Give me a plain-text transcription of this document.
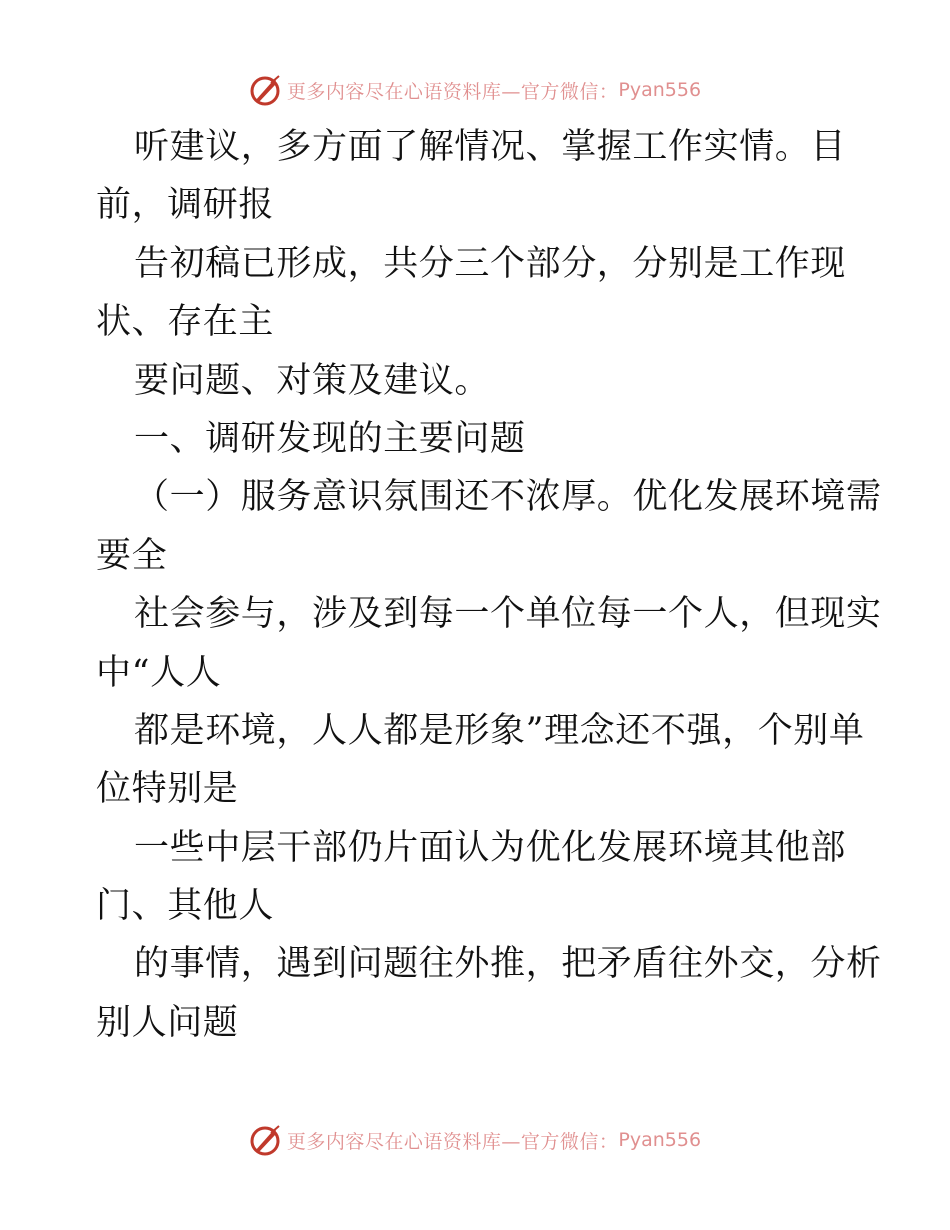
更多内容尽在心语资料库—官方微信： Pyan556
听建议，多方面了解情况、掌握工作实情。目
前，调研报
告初稿已形成，共分三个部分，分别是工作现
状、存在主
要问题、对策及建议。
一、调研发现的主要问题
（一）服务意识氛围还不浓厚。优化发展环境需
要全
社会参与，涉及到每一个单位每一个人，但现实
中“人人
都是环境，人人都是形象”理念还不强，个别单
位特别是
一些中层干部仍片面认为优化发展环境其他部
门、其他人
的事情，遇到问题往外推，把矛盾往外交，分析
别人问题
更多内容尽在心语资料库—官方微信： Pyan556
